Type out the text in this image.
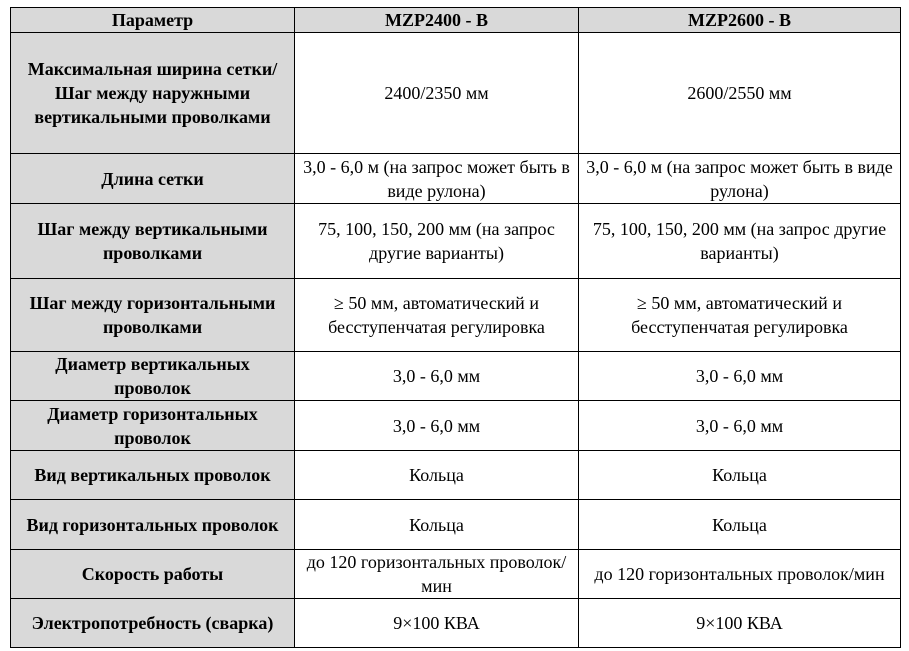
Параметр	MZP2400 - B	MZP2600 - B
Максимальная ширина сетки/Шаг между наружными вертикальными проволками	2400/2350 мм	2600/2550 мм
Длина сетки	3,0 - 6,0 м (на запрос может быть в виде рулона)	3,0 - 6,0 м (на запрос может быть в виде рулона)
Шаг между вертикальными проволками	75, 100, 150, 200 мм (на запрос другие варианты)	75, 100, 150, 200 мм (на запрос другие варианты)
Шаг между горизонтальными проволками	≥ 50 мм, автоматический и бесступенчатая регулировка	≥ 50 мм, автоматический и бесступенчатая регулировка
Диаметр вертикальных проволок	3,0 - 6,0 мм	3,0 - 6,0 мм
Диаметр горизонтальных проволок	3,0 - 6,0 мм	3,0 - 6,0 мм
Вид вертикальных проволок	Кольца	Кольца
Вид горизонтальных проволок	Кольца	Кольца
Скорость работы	до 120 горизонтальных проволок/мин	до 120 горизонтальных проволок/мин
Электропотребность (сварка)	9×100 КВА	9×100 КВА
